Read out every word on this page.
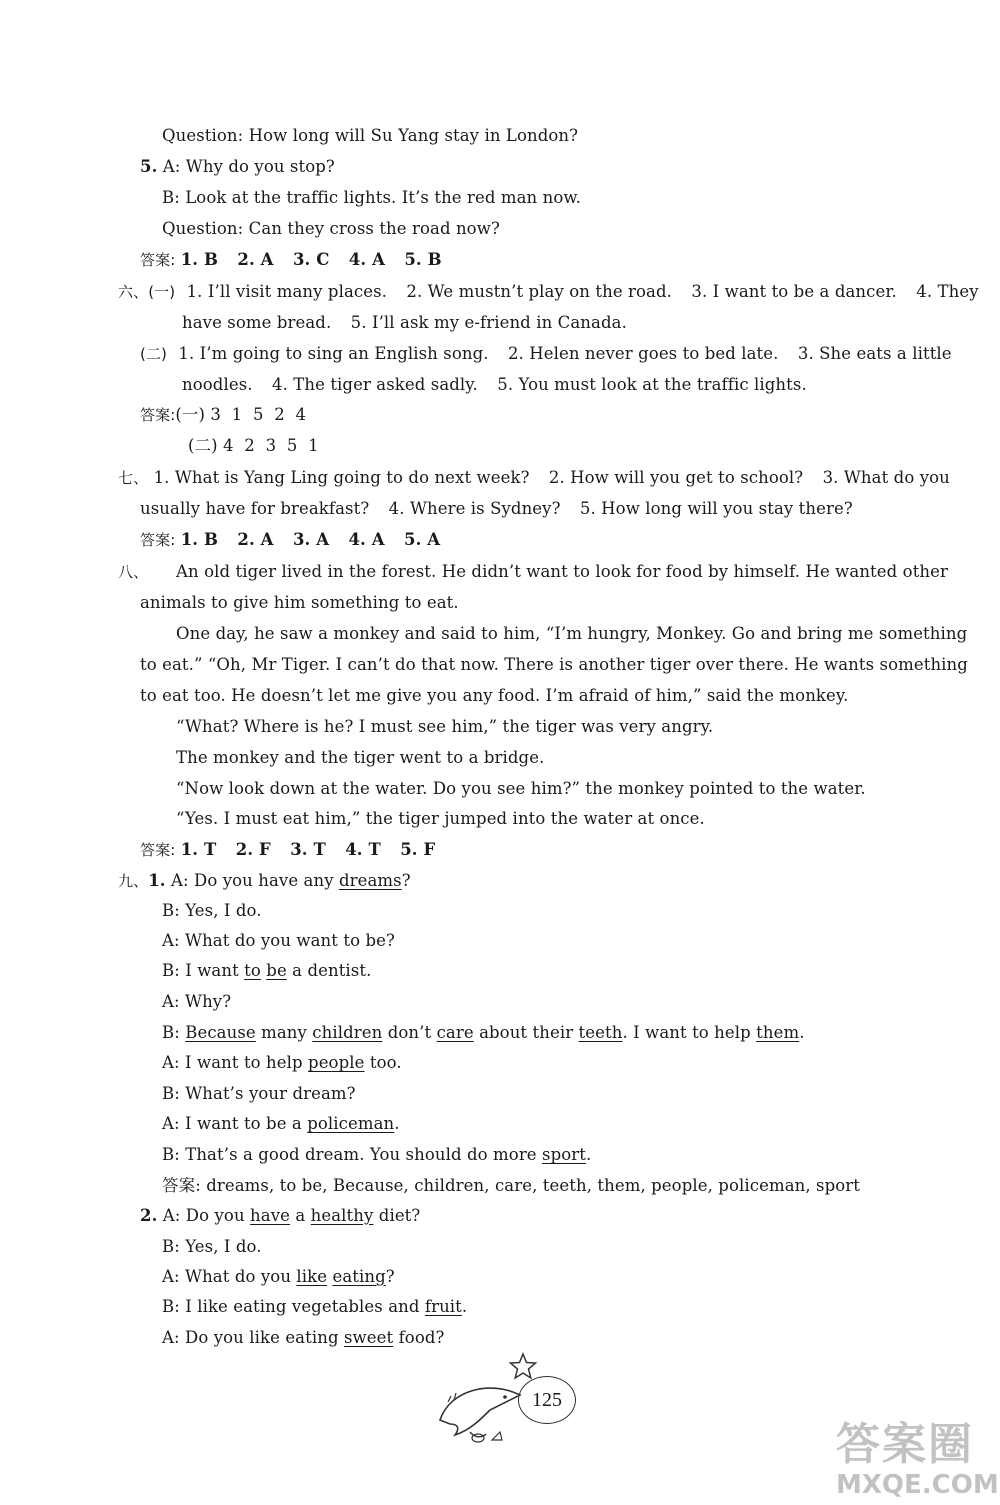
Question: How long will Su Yang stay in London?
5. A: Why do you stop?
B: Look at the traffic lights. It’s the red man now.
Question: Can they cross the road now?
答案: 1. B 2. A 3. C 4. A 5. B
六、(一) 1. I’ll visit many places. 2. We mustn’t play on the road. 3. I want to be a dancer. 4. They
have some bread. 5. I’ll ask my e-friend in Canada.
(二) 1. I’m going to sing an English song. 2. Helen never goes to bed late. 3. She eats a little
noodles. 4. The tiger asked sadly. 5. You must look at the traffic lights.
答案:(一) 3  1  5  2  4
(二) 4  2  3  5  1
七、 1. What is Yang Ling going to do next week? 2. How will you get to school? 3. What do you
usually have for breakfast? 4. Where is Sydney? 5. How long will you stay there?
答案: 1. B 2. A 3. A 4. A 5. A
八、 An old tiger lived in the forest. He didn’t want to look for food by himself. He wanted other
animals to give him something to eat.
One day, he saw a monkey and said to him, “I’m hungry, Monkey. Go and bring me something
to eat.” “Oh, Mr Tiger. I can’t do that now. There is another tiger over there. He wants something
to eat too. He doesn’t let me give you any food. I’m afraid of him,” said the monkey.
“What? Where is he? I must see him,” the tiger was very angry.
The monkey and the tiger went to a bridge.
“Now look down at the water. Do you see him?” the monkey pointed to the water.
“Yes. I must eat him,” the tiger jumped into the water at once.
答案: 1. T 2. F 3. T 4. T 5. F
九、1. A: Do you have any dreams?
B: Yes, I do.
A: What do you want to be?
B: I want to be a dentist.
A: Why?
B: Because many children don’t care about their teeth. I want to help them.
A: I want to help people too.
B: What’s your dream?
A: I want to be a policeman.
B: That’s a good dream. You should do more sport.
答案: dreams, to be, Because, children, care, teeth, them, people, policeman, sport
2. A: Do you have a healthy diet?
B: Yes, I do.
A: What do you like eating?
B: I like eating vegetables and fruit.
A: Do you like eating sweet food?
125
答案圈
MXQE.COM
